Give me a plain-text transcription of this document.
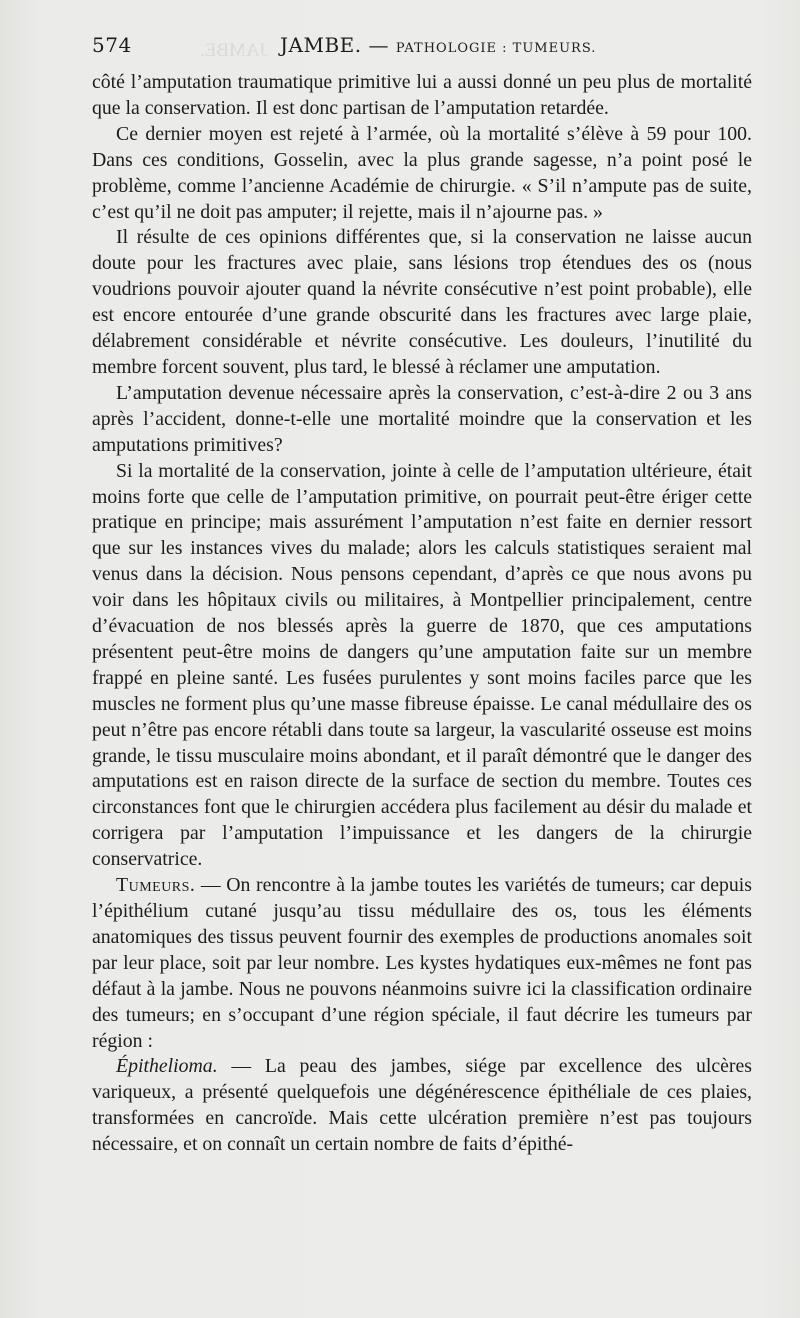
JAMBE.
574	JAMBE. — PATHOLOGIE : TUMEURS.

côté l’amputation traumatique primitive lui a aussi donné un peu plus de mortalité que la conservation. Il est donc partisan de l’amputation retardée.

Ce dernier moyen est rejeté à l’armée, où la mortalité s’élève à 59 pour 100. Dans ces conditions, Gosselin, avec la plus grande sagesse, n’a point posé le problème, comme l’ancienne Académie de chirurgie. « S’il n’ampute pas de suite, c’est qu’il ne doit pas amputer; il rejette, mais il n’ajourne pas. »

Il résulte de ces opinions différentes que, si la conservation ne laisse aucun doute pour les fractures avec plaie, sans lésions trop étendues des os (nous voudrions pouvoir ajouter quand la névrite consécutive n’est point probable), elle est encore entourée d’une grande obscurité dans les fractures avec large plaie, délabrement considérable et névrite consécutive. Les douleurs, l’inutilité du membre forcent souvent, plus tard, le blessé à réclamer une amputation.

L’amputation devenue nécessaire après la conservation, c’est-à-dire 2 ou 3 ans après l’accident, donne-t-elle une mortalité moindre que la conservation et les amputations primitives?

Si la mortalité de la conservation, jointe à celle de l’amputation ultérieure, était moins forte que celle de l’amputation primitive, on pourrait peut-être ériger cette pratique en principe; mais assurément l’amputation n’est faite en dernier ressort que sur les instances vives du malade; alors les calculs statistiques seraient mal venus dans la décision. Nous pensons cependant, d’après ce que nous avons pu voir dans les hôpitaux civils ou militaires, à Montpellier principalement, centre d’évacuation de nos blessés après la guerre de 1870, que ces amputations présentent peut-être moins de dangers qu’une amputation faite sur un membre frappé en pleine santé. Les fusées purulentes y sont moins faciles parce que les muscles ne forment plus qu’une masse fibreuse épaisse. Le canal médullaire des os peut n’être pas encore rétabli dans toute sa largeur, la vascularité osseuse est moins grande, le tissu musculaire moins abondant, et il paraît démontré que le danger des amputations est en raison directe de la surface de section du membre. Toutes ces circonstances font que le chirurgien accédera plus facilement au désir du malade et corrigera par l’amputation l’impuissance et les dangers de la chirurgie conservatrice.

Tumeurs. — On rencontre à la jambe toutes les variétés de tumeurs; car depuis l’épithélium cutané jusqu’au tissu médullaire des os, tous les éléments anatomiques des tissus peuvent fournir des exemples de productions anomales soit par leur place, soit par leur nombre. Les kystes hydatiques eux-mêmes ne font pas défaut à la jambe. Nous ne pouvons néanmoins suivre ici la classification ordinaire des tumeurs; en s’occupant d’une région spéciale, il faut décrire les tumeurs par région :

Épithelioma. — La peau des jambes, siége par excellence des ulcères variqueux, a présenté quelquefois une dégénérescence épithéliale de ces plaies, transformées en cancroïde. Mais cette ulcération première n’est pas toujours nécessaire, et on connaît un certain nombre de faits d’épithé-
